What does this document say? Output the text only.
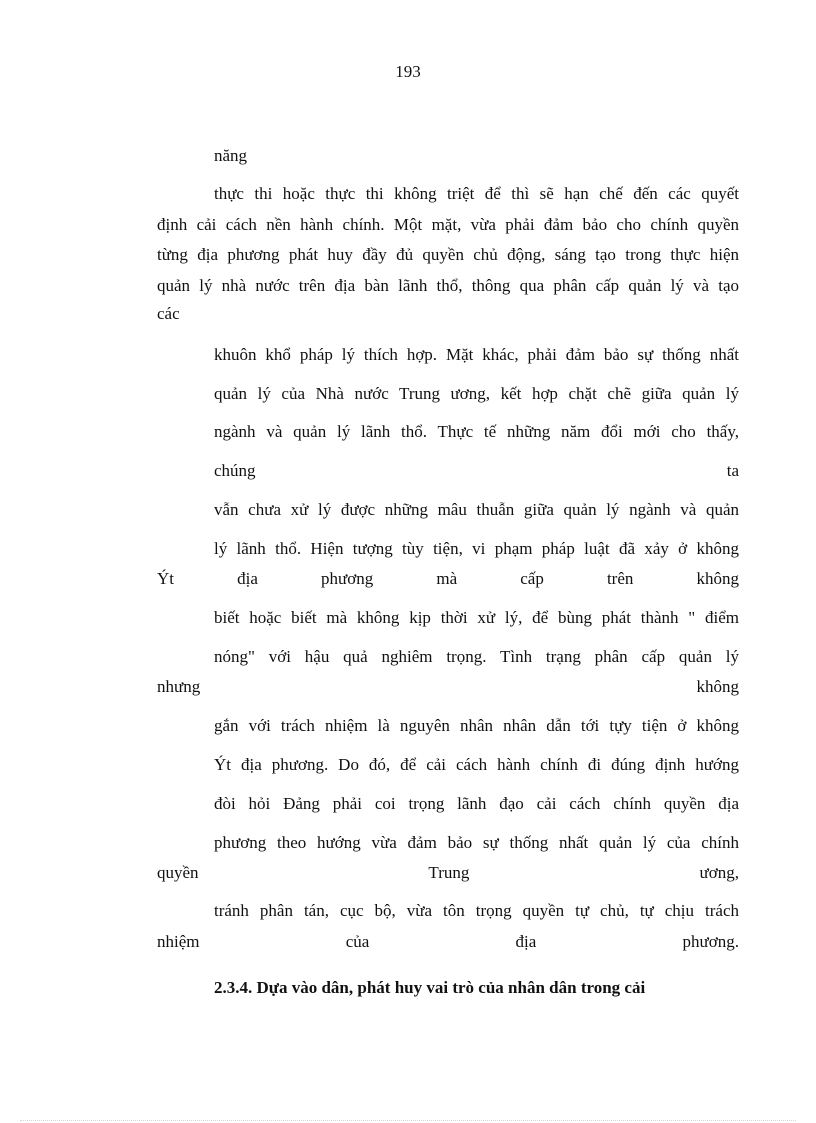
193
năng
thực thi hoặc thực thi không triệt để thì sẽ hạn chế đến các quyết
định cải cách nền hành chính. Một mặt, vừa phải đảm bảo cho chính quyền
từng địa phương phát huy đầy đủ quyền chủ động, sáng tạo trong thực hiện
quản lý nhà nước trên địa bàn lãnh thổ, thông qua phân cấp quản lý và tạo
các
khuôn khổ pháp lý thích hợp. Mặt khác, phải đảm bảo sự thống nhất
quản lý của Nhà nước Trung ương, kết hợp chặt chẽ giữa quản lý
ngành và quản lý lãnh thổ. Thực tế những năm đổi mới cho thấy,
chúng ta
vẫn chưa xử lý được những mâu thuẫn giữa quản lý ngành và quản
lý lãnh thổ. Hiện tượng tùy tiện, vi phạm pháp luật đã xảy ở không
Ýt địa phương mà cấp trên không
biết hoặc biết mà không kịp thời xử lý, để bùng phát thành " điểm
nóng" với hậu quả nghiêm trọng. Tình trạng phân cấp quản lý
nhưng không
gắn với trách nhiệm là nguyên nhân nhân dẫn tới tựy tiện ở không
Ýt địa phương. Do đó, để cải cách hành chính đi đúng định hướng
đòi hỏi Đảng phải coi trọng lãnh đạo cải cách chính quyền địa
phương theo hướng vừa đảm bảo sự thống nhất quản lý của chính
quyền Trung ương,
tránh phân tán, cục bộ, vừa tôn trọng quyền tự chủ, tự chịu trách
nhiệm của địa phương.
2.3.4. Dựa vào dân, phát huy vai trò của nhân dân trong cải
